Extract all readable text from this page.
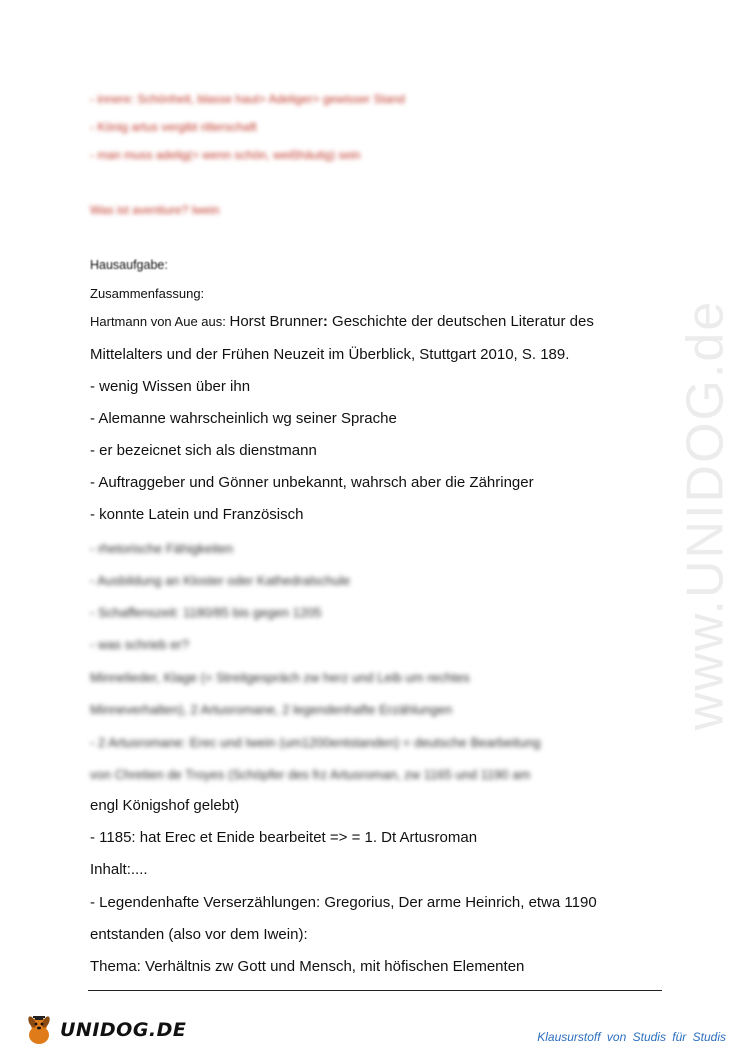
- innere: Schönheit, blasse haut> Adeliger> gewisser Stand
- König artus vergibt ritterschaft
- man muss adelig(= wenn schön, weißhäutig) sein
Was ist aventiure? Iwein
Hausaufgabe:
Zusammenfassung:
Hartmann von Aue aus: Horst Brunner: Geschichte der deutschen Literatur des
Mittelalters und der Frühen Neuzeit im Überblick, Stuttgart 2010, S. 189.
- wenig Wissen über ihn
- Alemanne wahrscheinlich wg seiner Sprache
- er bezeicnet sich als dienstmann
- Auftraggeber und Gönner unbekannt, wahrsch aber die Zähringer
- konnte Latein und Französisch
- rhetorische Fähigkeiten
- Ausbildung an Kloster oder Kathedralschule
- Schaffenszeit: 1180/85 bis gegen 1205
- was schrieb er?
Minnelieder, Klage (= Streitgespräch zw herz und Leib um rechtes
Minneverhalten), 2 Artusromane, 2 legendenhafte Erzählungen
- 2 Artusromane: Erec und Iwein (um1200entstanden) = deutsche Bearbeitung
von Chretien de Troyes (Schöpfer des frz Artusroman, zw 1165 und 1190 am
engl Königshof gelebt)
- 1185: hat Erec et Enide bearbeitet => = 1. Dt Artusroman
Inhalt:....
- Legendenhafte Verserzählungen: Gregorius, Der arme Heinrich, etwa 1190
entstanden (also vor dem Iwein):
Thema: Verhältnis zw Gott und Mensch, mit höfischen Elementen
www.UNIDOG.de
UNIDOG.DE	Klausurstoff von Studis für Studis
